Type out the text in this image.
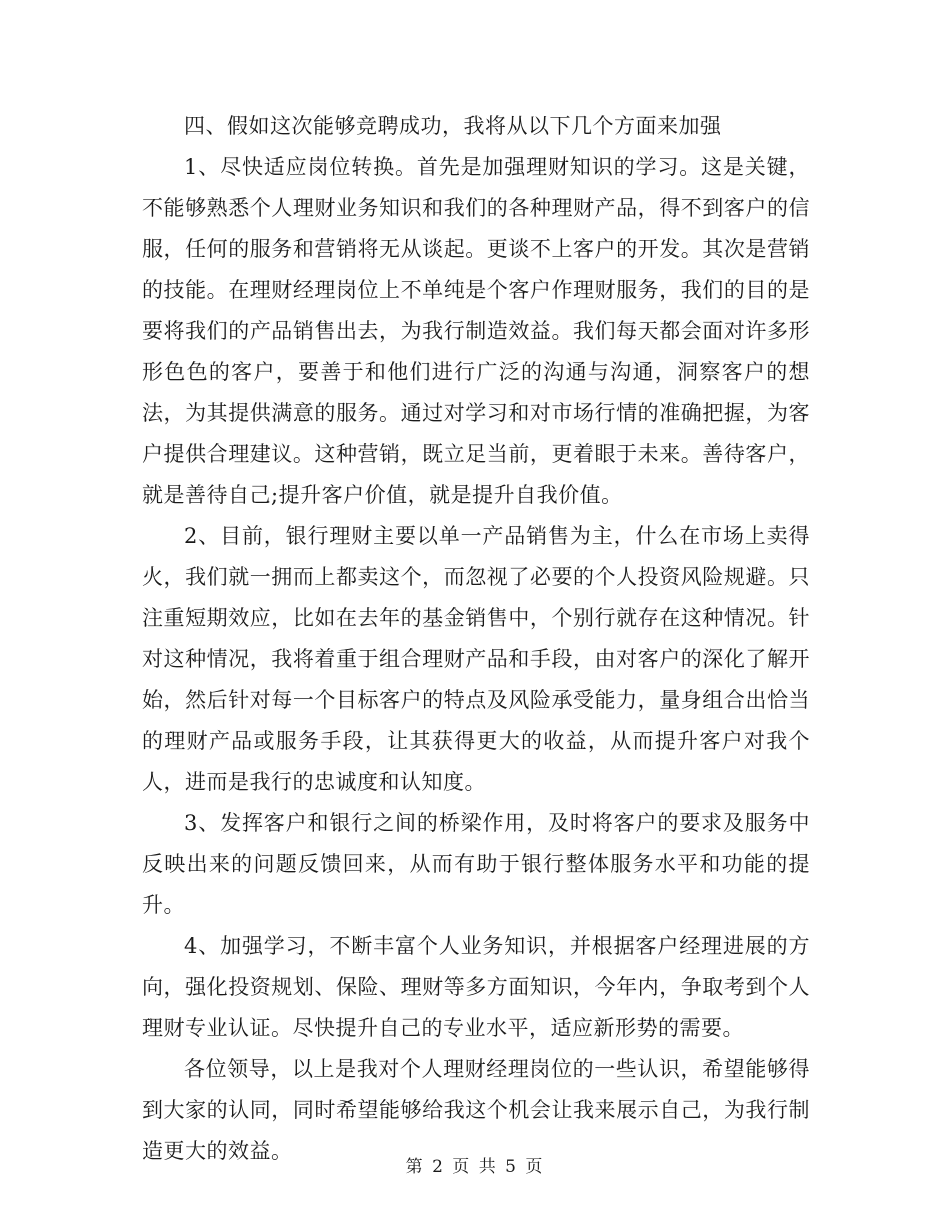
四、假如这次能够竞聘成功，我将从以下几个方面来加强

1、尽快适应岗位转换。首先是加强理财知识的学习。这是关键，不能够熟悉个人理财业务知识和我们的各种理财产品，得不到客户的信服，任何的服务和营销将无从谈起。更谈不上客户的开发。其次是营销的技能。在理财经理岗位上不单纯是个客户作理财服务，我们的目的是要将我们的产品销售出去，为我行制造效益。我们每天都会面对许多形形色色的客户，要善于和他们进行广泛的沟通与沟通，洞察客户的想法，为其提供满意的服务。通过对学习和对市场行情的准确把握，为客户提供合理建议。这种营销，既立足当前，更着眼于未来。善待客户，就是善待自己;提升客户价值，就是提升自我价值。

2、目前，银行理财主要以单一产品销售为主，什么在市场上卖得火，我们就一拥而上都卖这个，而忽视了必要的个人投资风险规避。只注重短期效应，比如在去年的基金销售中，个别行就存在这种情况。针对这种情况，我将着重于组合理财产品和手段，由对客户的深化了解开始，然后针对每一个目标客户的特点及风险承受能力，量身组合出恰当的理财产品或服务手段，让其获得更大的收益，从而提升客户对我个人，进而是我行的忠诚度和认知度。

3、发挥客户和银行之间的桥梁作用，及时将客户的要求及服务中反映出来的问题反馈回来，从而有助于银行整体服务水平和功能的提升。

4、加强学习，不断丰富个人业务知识，并根据客户经理进展的方向，强化投资规划、保险、理财等多方面知识，今年内，争取考到个人理财专业认证。尽快提升自己的专业水平，适应新形势的需要。

各位领导，以上是我对个人理财经理岗位的一些认识，希望能够得到大家的认同，同时希望能够给我这个机会让我来展示自己，为我行制造更大的效益。

第 2 页 共 5 页
